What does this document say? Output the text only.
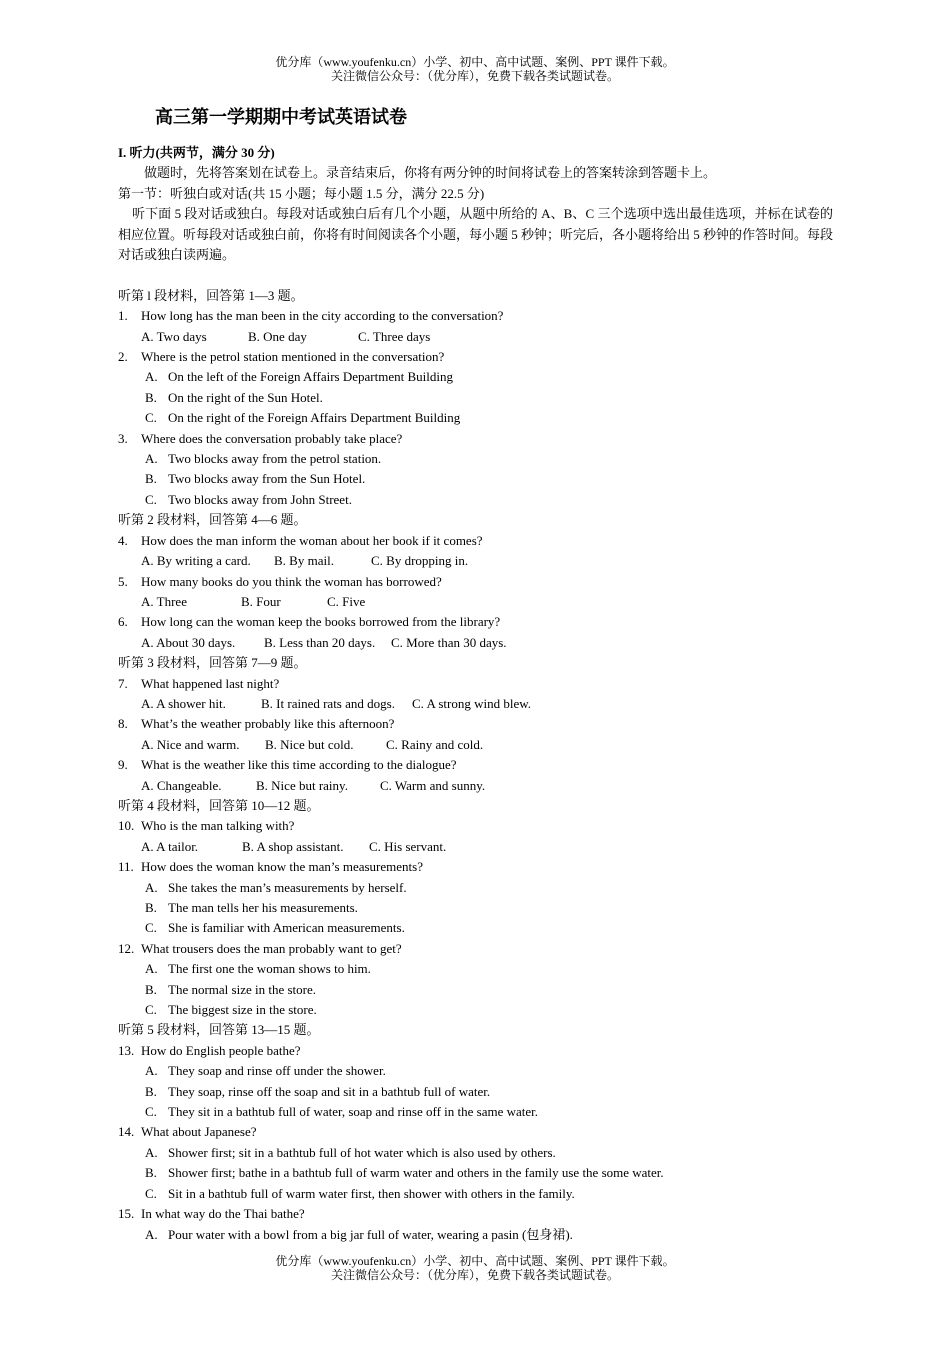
优分库（www.youfenku.cn）小学、初中、高中试题、案例、PPT 课件下载。
关注微信公众号：（优分库），免费下载各类试题试卷。
高三第一学期期中考试英语试卷
I. 听力(共两节，满分 30 分)
做题时，先将答案划在试卷上。录音结束后，你将有两分钟的时间将试卷上的答案转涂到答题卡上。
第一节：听独白或对话(共 15 小题；每小题 1.5 分，满分 22.5 分)
听下面 5 段对话或独白。每段对话或独白后有几个小题，从题中所给的 A、B、C 三个选项中选出最佳选项，并标在试卷的相应位置。听每段对话或独白前，你将有时间阅读各个小题，每小题 5 秒钟；听完后，各小题将给出 5 秒钟的作答时间。每段对话或独白读两遍。
听第 l 段材料，回答第 1—3 题。
1.	How long has the man been in the city according to the conversation?
A. Two days	B. One day	C. Three days
2.	Where is the petrol station mentioned in the conversation?
A. On the left of the Foreign Affairs Department Building
B. On the right of the Sun Hotel.
C. On the right of the Foreign Affairs Department Building
3.	Where does the conversation probably take place?
A. Two blocks away from the petrol station.
B. Two blocks away from the Sun Hotel.
C. Two blocks away from John Street.
听第 2 段材料，回答第 4—6 题。
4.	How does the man inform the woman about her book if it comes?
A. By writing a card. B. By mail.	C. By dropping in.
5.	How many books do you think the woman has borrowed?
A. Three	B. Four	C. Five
6.	How long can the woman keep the books borrowed from the library?
A. About 30 days. B. Less than 20 days. C. More than 30 days.
听第 3 段材料，回答第 7—9 题。
7.	What happened last night?
A. A shower hit.	B. It rained rats and dogs. C. A strong wind blew.
8.	What’s the weather probably like this afternoon?
A. Nice and warm. B. Nice but cold.	C. Rainy and cold.
9.	What is the weather like this time according to the dialogue?
A. Changeable.	B. Nice but rainy. C. Warm and sunny.
听第 4 段材料，回答第 10—12 题。
10. Who is the man talking with?
A. A tailor.	B. A shop assistant. C. His servant.
11. How does the woman know the man’s measurements?
A. She takes the man’s measurements by herself.
B. The man tells her his measurements.
C. She is familiar with American measurements.
12. What trousers does the man probably want to get?
A. The first one the woman shows to him.
B. The normal size in the store.
C. The biggest size in the store.
听第 5 段材料，回答第 13—15 题。
13. How do English people bathe?
A. They soap and rinse off under the shower.
B. They soap, rinse off the soap and sit in a bathtub full of water.
C. They sit in a bathtub full of water, soap and rinse off in the same water.
14. What about Japanese?
A. Shower first; sit in a bathtub full of hot water which is also used by others.
B. Shower first; bathe in a bathtub full of warm water and others in the family use the some water.
C. Sit in a bathtub full of warm water first, then shower with others in the family.
15. In what way do the Thai bathe?
A. Pour water with a bowl from a big jar full of water, wearing a pasin (包身裙).
优分库（www.youfenku.cn）小学、初中、高中试题、案例、PPT 课件下载。
关注微信公众号：（优分库），免费下载各类试题试卷。
